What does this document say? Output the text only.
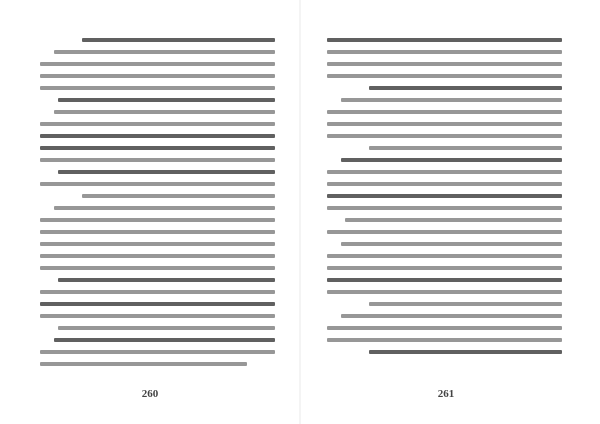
260	261
